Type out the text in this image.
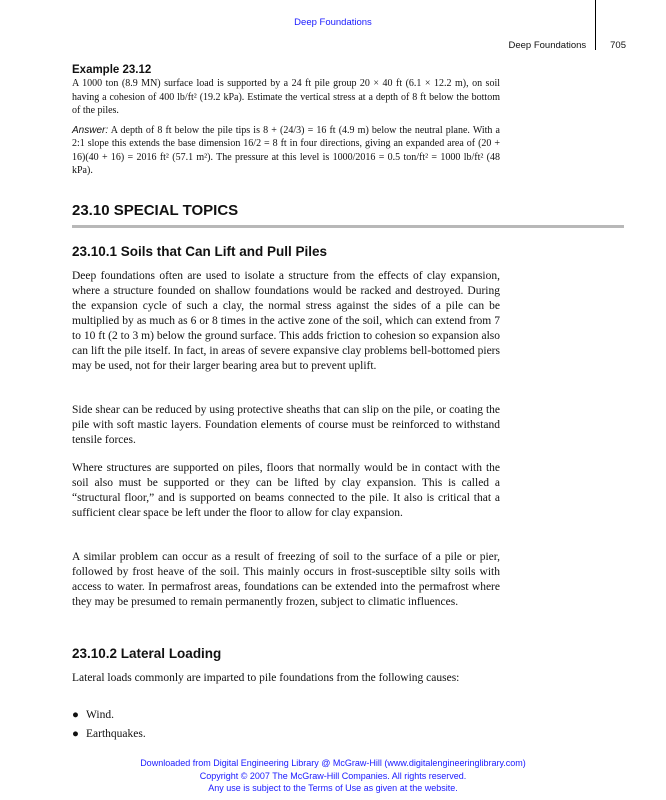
Deep Foundations
Deep Foundations	705

Example 23.12

A 1000 ton (8.9 MN) surface load is supported by a 24 ft pile group 20 × 40 ft (6.1 × 12.2 m), on soil having a cohesion of 400 lb/ft² (19.2 kPa). Estimate the vertical stress at a depth of 8 ft below the bottom of the piles.

Answer: A depth of 8 ft below the pile tips is 8 + (24/3) = 16 ft (4.9 m) below the neutral plane. With a 2:1 slope this extends the base dimension 16/2 = 8 ft in four directions, giving an expanded area of (20 + 16)(40 + 16) = 2016 ft² (57.1 m²). The pressure at this level is 1000/2016 = 0.5 ton/ft² = 1000 lb/ft² (48 kPa).

23.10 SPECIAL TOPICS
23.10.1 Soils that Can Lift and Pull Piles

Deep foundations often are used to isolate a structure from the effects of clay expansion, where a structure founded on shallow foundations would be racked and destroyed. During the expansion cycle of such a clay, the normal stress against the sides of a pile can be multiplied by as much as 6 or 8 times in the active zone of the soil, which can extend from 7 to 10 ft (2 to 3 m) below the ground surface. This adds friction to cohesion so expansion also can lift the pile itself. In fact, in areas of severe expansive clay problems bell-bottomed piers may be used, not for their larger bearing area but to prevent uplift.

Side shear can be reduced by using protective sheaths that can slip on the pile, or coating the pile with soft mastic layers. Foundation elements of course must be reinforced to withstand tensile forces.

Where structures are supported on piles, floors that normally would be in contact with the soil also must be supported or they can be lifted by clay expansion. This is called a “structural floor,” and is supported on beams connected to the pile. It also is critical that a sufficient clear space be left under the floor to allow for clay expansion.

A similar problem can occur as a result of freezing of soil to the surface of a pile or pier, followed by frost heave of the soil. This mainly occurs in frost-susceptible silty soils with access to water. In permafrost areas, foundations can be extended into the permafrost where they may be presumed to remain permanently frozen, subject to climatic influences.

23.10.2 Lateral Loading

Lateral loads commonly are imparted to pile foundations from the following causes:

● Wind.
● Earthquakes.
Downloaded from Digital Engineering Library @ McGraw-Hill (www.digitalengineeringlibrary.com)
Copyright © 2007 The McGraw-Hill Companies. All rights reserved.
Any use is subject to the Terms of Use as given at the website.
